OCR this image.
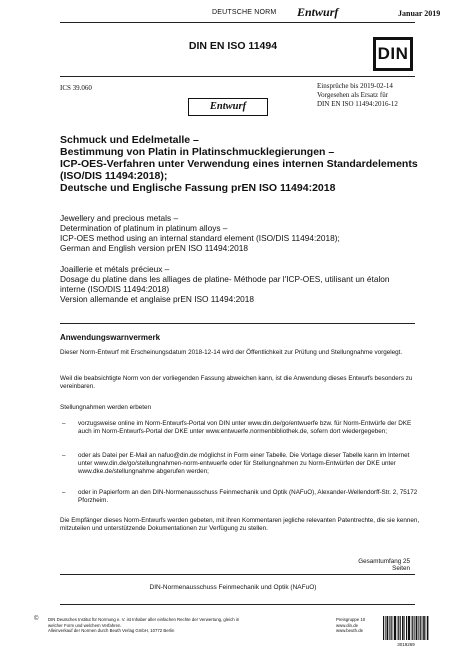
DEUTSCHE NORM Entwurf	Januar 2019
DIN EN ISO 11494	DIN
ICS 39.060	Einsprüche bis 2019-02-14
Vorgesehen als Ersatz für
DIN EN ISO 11494:2016-12
Entwurf
Schmuck und Edelmetalle –
Bestimmung von Platin in Platinschmucklegierungen –
ICP-OES-Verfahren unter Verwendung eines internen Standardelements
(ISO/DIS 11494:2018);
Deutsche und Englische Fassung prEN ISO 11494:2018
Jewellery and precious metals –
Determination of platinum in platinum alloys –
ICP-OES method using an internal standard element (ISO/DIS 11494:2018);
German and English version prEN ISO 11494:2018
Joaillerie et métals précieux –
Dosage du platine dans les alliages de platine- Méthode par l'ICP-OES, utilisant un étalon
interne (ISO/DIS 11494:2018)
Version allemande et anglaise prEN ISO 11494:2018
Anwendungswarnvermerk
Dieser Norm-Entwurf mit Erscheinungsdatum 2018-12-14 wird der Öffentlichkeit zur Prüfung und Stellungnahme vorgelegt.
Weil die beabsichtigte Norm von der vorliegenden Fassung abweichen kann, ist die Anwendung dieses Entwurfs besonders zu vereinbaren.
Stellungnahmen werden erbeten
– vorzugsweise online im Norm-Entwurfs-Portal von DIN unter www.din.de/go/entwuerfe bzw. für Norm-Entwürfe der DKE auch im Norm-Entwurfs-Portal der DKE unter www.entwuerfe.normenbibliothek.de, sofern dort wiedergegeben;
– oder als Datei per E-Mail an nafuo@din.de möglichst in Form einer Tabelle. Die Vorlage dieser Tabelle kann im Internet unter www.din.de/go/stellungnahmen-norm-entwuerfe oder für Stellungnahmen zu Norm-Entwürfen der DKE unter www.dke.de/stellungnahme abgerufen werden;
– oder in Papierform an den DIN-Normenausschuss Feinmechanik und Optik (NAFuO), Alexander-Wellendorff-Str. 2, 75172 Pforzheim.
Die Empfänger dieses Norm-Entwurfs werden gebeten, mit ihren Kommentaren jegliche relevanten Patentrechte, die sie kennen, mitzuteilen und unterstützende Dokumentationen zur Verfügung zu stellen.
Gesamtumfang 25 Seiten
DIN-Normenausschuss Feinmechanik und Optik (NAFuO)
© DIN Deutsches Institut für Normung e. V. ist Inhaber aller einfachen Rechte der Verwertung, gleich in
welcher Form und welchem Verfahren.
Alleinverkauf der Normen durch Beuth Verlag GmbH, 10772 Berlin
Preisgruppe 10
www.din.de
www.beuth.de
3019269
